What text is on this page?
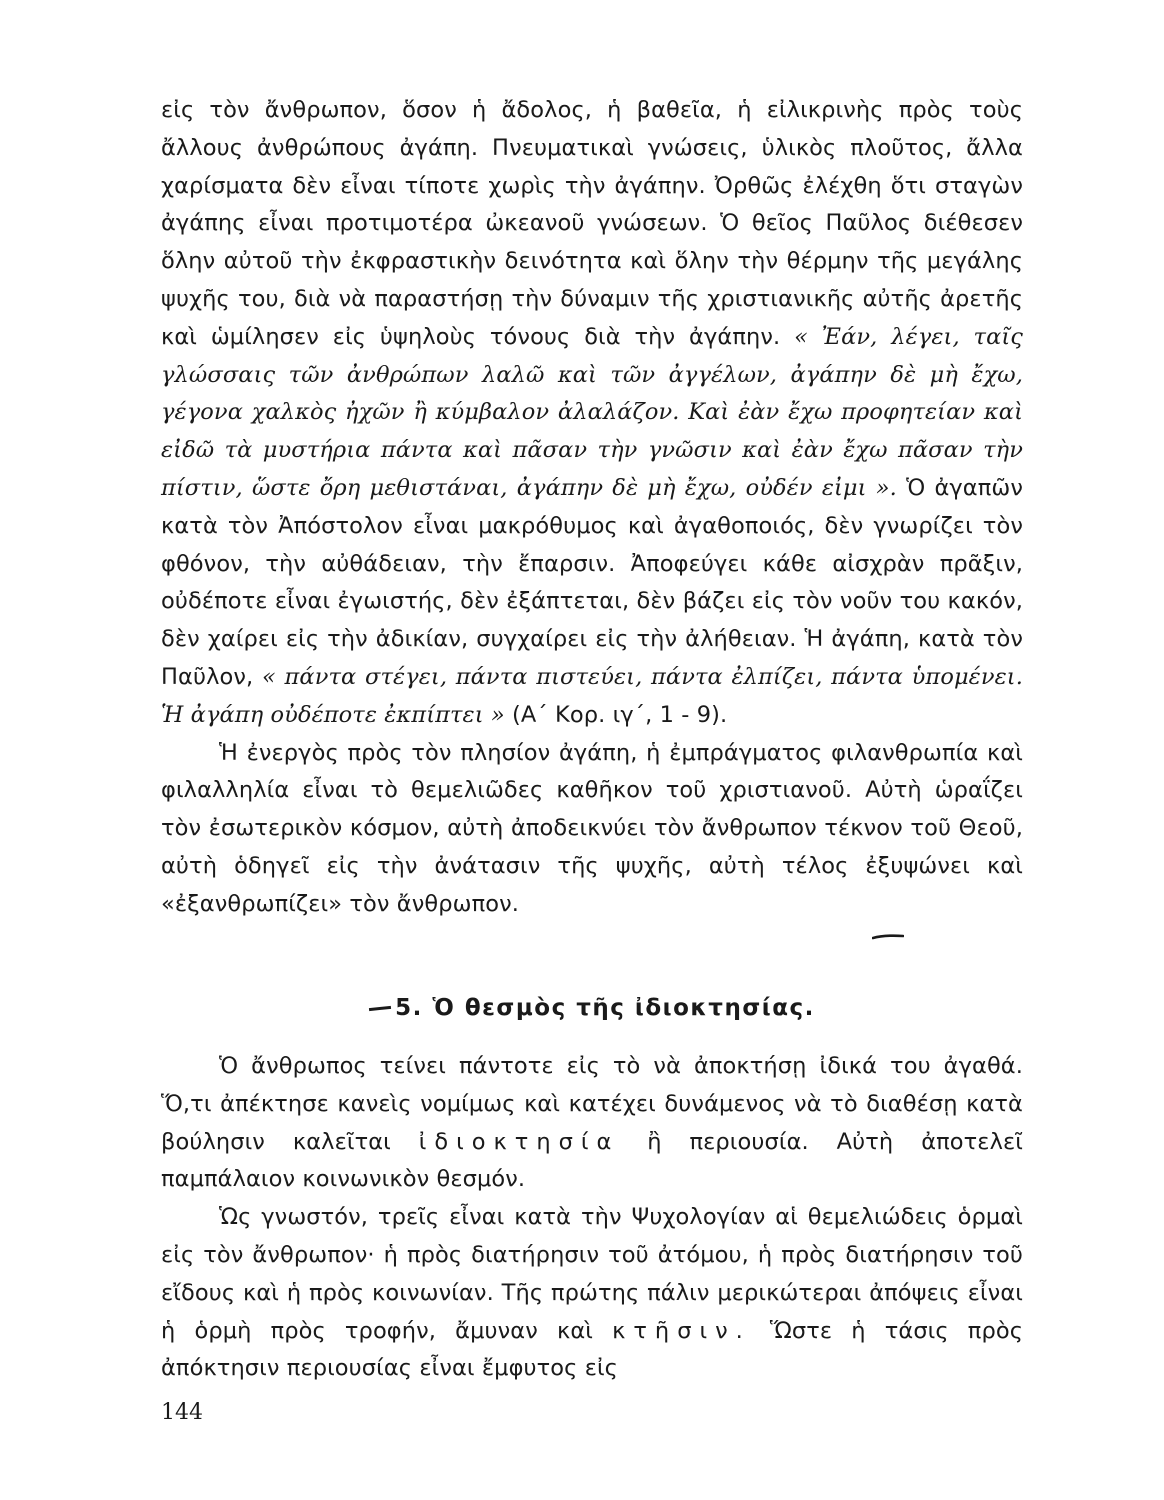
εἰς τὸν ἄνθρωπον, ὅσον ἡ ἄδολος, ἡ βαθεῖα, ἡ εἰλικρινὴς πρὸς τοὺς ἄλλους ἀνθρώπους ἀγάπη. Πνευματικαὶ γνώσεις, ὑλικὸς πλοῦτος, ἄλλα χαρίσματα δὲν εἶναι τίποτε χωρὶς τὴν ἀγάπην. Ὀρθῶς ἐλέχθη ὅτι σταγὼν ἀγάπης εἶναι προτιμοτέρα ὠκεανοῦ γνώσεων. Ὁ θεῖος Παῦλος διέθεσεν ὅλην αὐτοῦ τὴν ἐκφραστικὴν δεινότητα καὶ ὅλην τὴν θέρμην τῆς μεγάλης ψυχῆς του, διὰ νὰ παραστήσῃ τὴν δύναμιν τῆς χριστιανικῆς αὐτῆς ἀρετῆς καὶ ὡμίλησεν εἰς ὑψηλοὺς τόνους διὰ τὴν ἀγάπην. « Ἐάν, λέγει, ταῖς γλώσσαις τῶν ἀνθρώπων λαλῶ καὶ τῶν ἀγγέλων, ἀγάπην δὲ μὴ ἔχω, γέγονα χαλκὸς ἠχῶν ἢ κύμβαλον ἀλαλάζον. Καὶ ἐὰν ἔχω προφητείαν καὶ εἰδῶ τὰ μυστήρια πάντα καὶ πᾶσαν τὴν γνῶσιν καὶ ἐὰν ἔχω πᾶσαν τὴν πίστιν, ὥστε ὄρη μεθιστάναι, ἀγάπην δὲ μὴ ἔχω, οὐδέν εἰμι ». Ὁ ἀγαπῶν κατὰ τὸν Ἀπόστολον εἶναι μακρόθυμος καὶ ἀγαθοποιός, δὲν γνωρίζει τὸν φθόνον, τὴν αὐθάδειαν, τὴν ἔπαρσιν. Ἀποφεύγει κάθε αἰσχρὰν πρᾶξιν, οὐδέποτε εἶναι ἐγωιστής, δὲν ἐξάπτεται, δὲν βάζει εἰς τὸν νοῦν του κακόν, δὲν χαίρει εἰς τὴν ἀδικίαν, συγχαίρει εἰς τὴν ἀλήθειαν. Ἡ ἀγάπη, κατὰ τὸν Παῦλον, « πάντα στέγει, πάντα πιστεύει, πάντα ἐλπίζει, πάντα ὑπομένει. Ἡ ἀγάπη οὐδέποτε ἐκπίπτει » (Α΄ Κορ. ιγ΄, 1 - 9).

Ἡ ἐνεργὸς πρὸς τὸν πλησίον ἀγάπη, ἡ ἐμπράγματος φιλανθρωπία καὶ φιλαλληλία εἶναι τὸ θεμελιῶδες καθῆκον τοῦ χριστιανοῦ. Αὐτὴ ὡραΐζει τὸν ἐσωτερικὸν κόσμον, αὐτὴ ἀποδεικνύει τὸν ἄνθρωπον τέκνον τοῦ Θεοῦ, αὐτὴ ὁδηγεῖ εἰς τὴν ἀνάτασιν τῆς ψυχῆς, αὐτὴ τέλος ἐξυψώνει καὶ «ἐξανθρωπίζει» τὸν ἄνθρωπον.

5. Ὁ θεσμὸς τῆς ἰδιοκτησίας.

Ὁ ἄνθρωπος τείνει πάντοτε εἰς τὸ νὰ ἀποκτήσῃ ἰδικά του ἀγαθά. Ὅ,τι ἀπέκτησε κανεὶς νομίμως καὶ κατέχει δυνάμενος νὰ τὸ διαθέσῃ κατὰ βούλησιν καλεῖται ἰδιοκτησία ἢ περιουσία. Αὐτὴ ἀποτελεῖ παμπάλαιον κοινωνικὸν θεσμόν.

Ὡς γνωστόν, τρεῖς εἶναι κατὰ τὴν Ψυχολογίαν αἱ θεμελιώδεις ὁρμαὶ εἰς τὸν ἄνθρωπον· ἡ πρὸς διατήρησιν τοῦ ἀτόμου, ἡ πρὸς διατήρησιν τοῦ εἴδους καὶ ἡ πρὸς κοινωνίαν. Τῆς πρώτης πάλιν μερικώτεραι ἀπόψεις εἶναι ἡ ὁρμὴ πρὸς τροφήν, ἄμυναν καὶ κτῆσιν. Ὥστε ἡ τάσις πρὸς ἀπόκτησιν περιουσίας εἶναι ἔμφυτος εἰς

144
